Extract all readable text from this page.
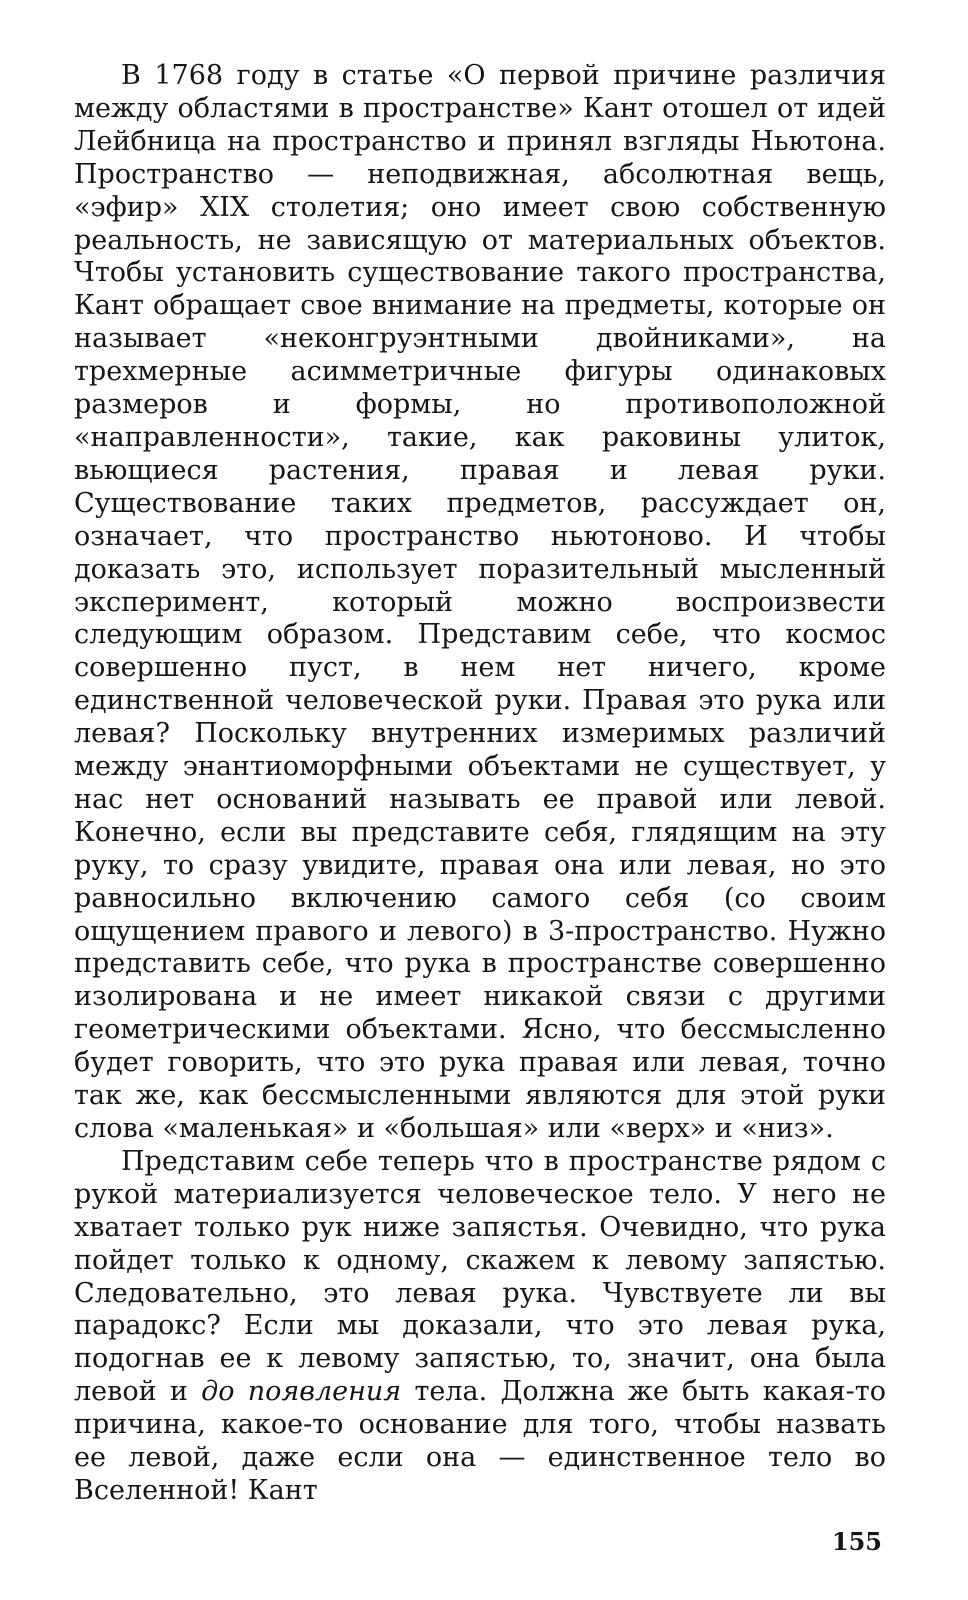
В 1768 году в статье «О первой причине различия между областями в пространстве» Кант отошел от идей Лейбница на пространство и принял взгляды Ньютона. Пространство — неподвижная, абсолютная вещь, «эфир» XIX столетия; оно имеет свою собственную реальность, не зависящую от материальных объектов. Чтобы установить существование такого пространства, Кант обращает свое внимание на предметы, которые он называет «неконгруэнтными двойниками», на трехмерные асимметричные фигуры одинаковых размеров и формы, но противоположной «направленности», такие, как раковины улиток, вьющиеся растения, правая и левая руки. Существование таких предметов, рассуждает он, означает, что пространство ньютоново. И чтобы доказать это, использует поразительный мысленный эксперимент, который можно воспроизвести следующим образом. Представим себе, что космос совершенно пуст, в нем нет ничего, кроме единственной человеческой руки. Правая это рука или левая? Поскольку внутренних измеримых различий между энантиоморфными объектами не существует, у нас нет оснований называть ее правой или левой. Конечно, если вы представите себя, глядящим на эту руку, то сразу увидите, правая она или левая, но это равносильно включению самого себя (со своим ощущением правого и левого) в 3-пространство. Нужно представить себе, что рука в пространстве совершенно изолирована и не имеет никакой связи с другими геометрическими объектами. Ясно, что бессмысленно будет говорить, что это рука правая или левая, точно так же, как бессмысленными являются для этой руки слова «маленькая» и «большая» или «верх» и «низ».

Представим себе теперь что в пространстве рядом с рукой материализуется человеческое тело. У него не хватает только рук ниже запястья. Очевидно, что рука пойдет только к одному, скажем к левому запястью. Следовательно, это левая рука. Чувствуете ли вы парадокс? Если мы доказали, что это левая рука, подогнав ее к левому запястью, то, значит, она была левой и до появления тела. Должна же быть какая-то причина, какое-то основание для того, чтобы назвать ее левой, даже если она — единственное тело во Вселенной! Кант

155
